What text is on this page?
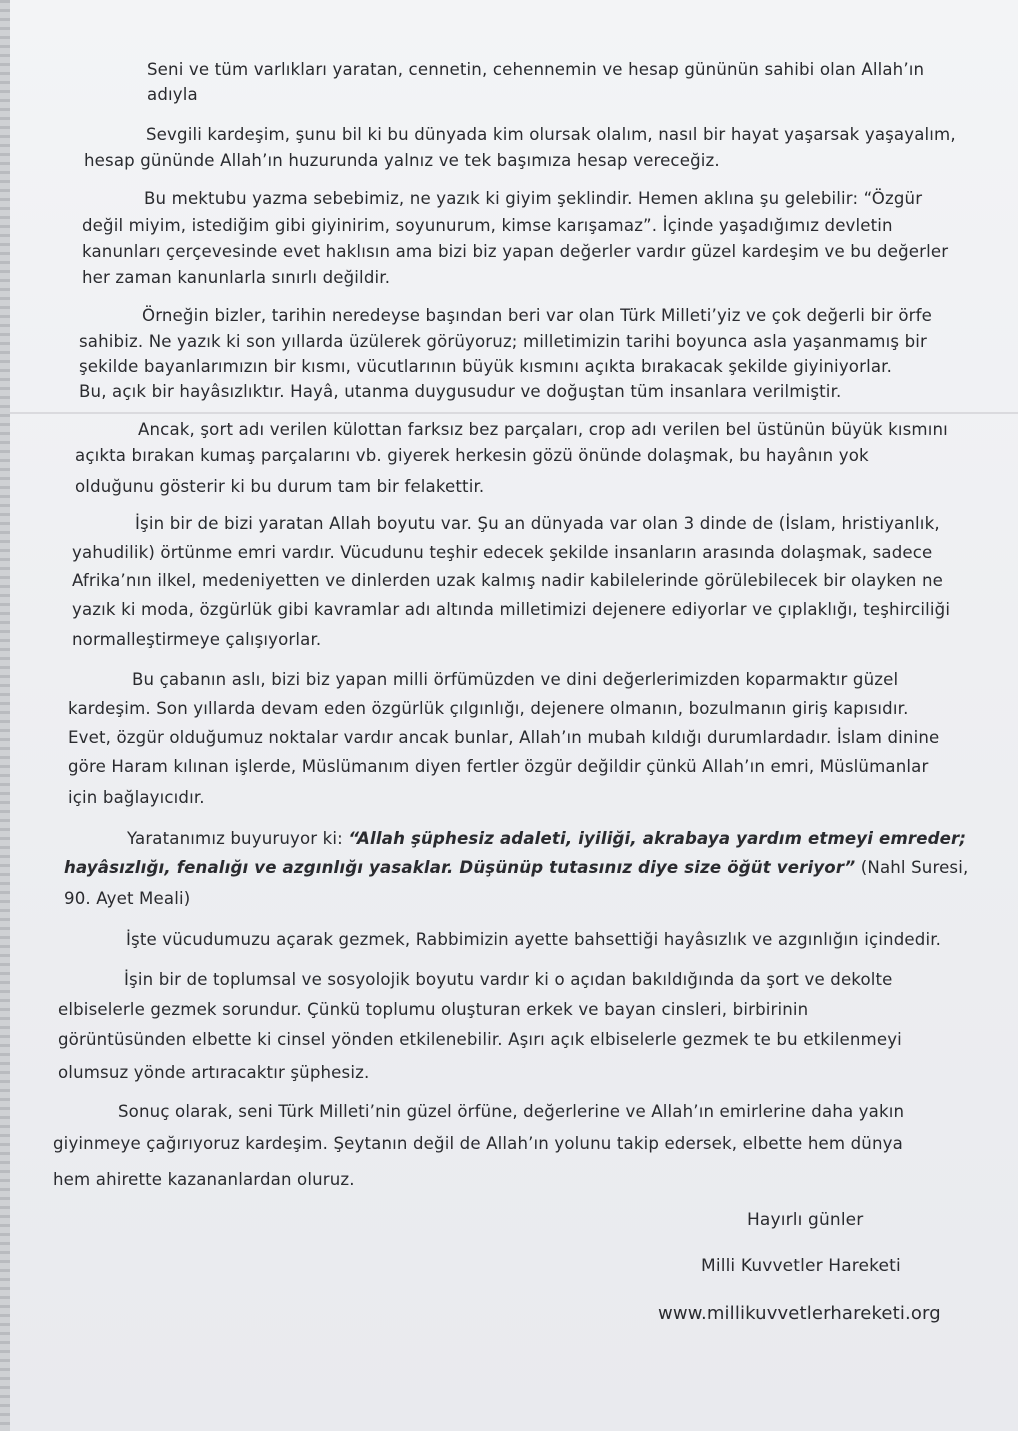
Seni ve tüm varlıkları yaratan, cennetin, cehennemin ve hesap gününün sahibi olan Allah’ın
adıyla
Sevgili kardeşim, şunu bil ki bu dünyada kim olursak olalım, nasıl bir hayat yaşarsak yaşayalım,
hesap gününde Allah’ın huzurunda yalnız ve tek başımıza hesap vereceğiz.
Bu mektubu yazma sebebimiz, ne yazık ki giyim şeklindir. Hemen aklına şu gelebilir: “Özgür
değil miyim, istediğim gibi giyinirim, soyunurum, kimse karışamaz”. İçinde yaşadığımız devletin
kanunları çerçevesinde evet haklısın ama bizi biz yapan değerler vardır güzel kardeşim ve bu değerler
her zaman kanunlarla sınırlı değildir.
Örneğin bizler, tarihin neredeyse başından beri var olan Türk Milleti’yiz ve çok değerli bir örfe
sahibiz. Ne yazık ki son yıllarda üzülerek görüyoruz; milletimizin tarihi boyunca asla yaşanmamış bir
şekilde bayanlarımızın bir kısmı, vücutlarının büyük kısmını açıkta bırakacak şekilde giyiniyorlar.
Bu, açık bir hayâsızlıktır. Hayâ, utanma duygusudur ve doğuştan tüm insanlara verilmiştir.
Ancak, şort adı verilen külottan farksız bez parçaları, crop adı verilen bel üstünün büyük kısmını
açıkta bırakan kumaş parçalarını vb. giyerek herkesin gözü önünde dolaşmak, bu hayânın yok
olduğunu gösterir ki bu durum tam bir felakettir.
İşin bir de bizi yaratan Allah boyutu var. Şu an dünyada var olan 3 dinde de (İslam, hristiyanlık,
yahudilik) örtünme emri vardır. Vücudunu teşhir edecek şekilde insanların arasında dolaşmak, sadece
Afrika’nın ilkel, medeniyetten ve dinlerden uzak kalmış nadir kabilelerinde görülebilecek bir olayken ne
yazık ki moda, özgürlük gibi kavramlar adı altında milletimizi dejenere ediyorlar ve çıplaklığı, teşhirciliği
normalleştirmeye çalışıyorlar.
Bu çabanın aslı, bizi biz yapan milli örfümüzden ve dini değerlerimizden koparmaktır güzel
kardeşim. Son yıllarda devam eden özgürlük çılgınlığı, dejenere olmanın, bozulmanın giriş kapısıdır.
Evet, özgür olduğumuz noktalar vardır ancak bunlar, Allah’ın mubah kıldığı durumlardadır. İslam dinine
göre Haram kılınan işlerde, Müslümanım diyen fertler özgür değildir çünkü Allah’ın emri, Müslümanlar
için bağlayıcıdır.
Yaratanımız buyuruyor ki: “Allah şüphesiz adaleti, iyiliği, akrabaya yardım etmeyi emreder;
hayâsızlığı, fenalığı ve azgınlığı yasaklar. Düşünüp tutasınız diye size öğüt veriyor” (Nahl Suresi,
90. Ayet Meali)
İşte vücudumuzu açarak gezmek, Rabbimizin ayette bahsettiği hayâsızlık ve azgınlığın içindedir.
İşin bir de toplumsal ve sosyolojik boyutu vardır ki o açıdan bakıldığında da şort ve dekolte
elbiselerle gezmek sorundur. Çünkü toplumu oluşturan erkek ve bayan cinsleri, birbirinin
görüntüsünden elbette ki cinsel yönden etkilenebilir. Aşırı açık elbiselerle gezmek te bu etkilenmeyi
olumsuz yönde artıracaktır şüphesiz.
Sonuç olarak, seni Türk Milleti’nin güzel örfüne, değerlerine ve Allah’ın emirlerine daha yakın
giyinmeye çağırıyoruz kardeşim. Şeytanın değil de Allah’ın yolunu takip edersek, elbette hem dünya
hem ahirette kazananlardan oluruz.
Hayırlı günler
Milli Kuvvetler Hareketi
www.millikuvvetlerhareketi.org
